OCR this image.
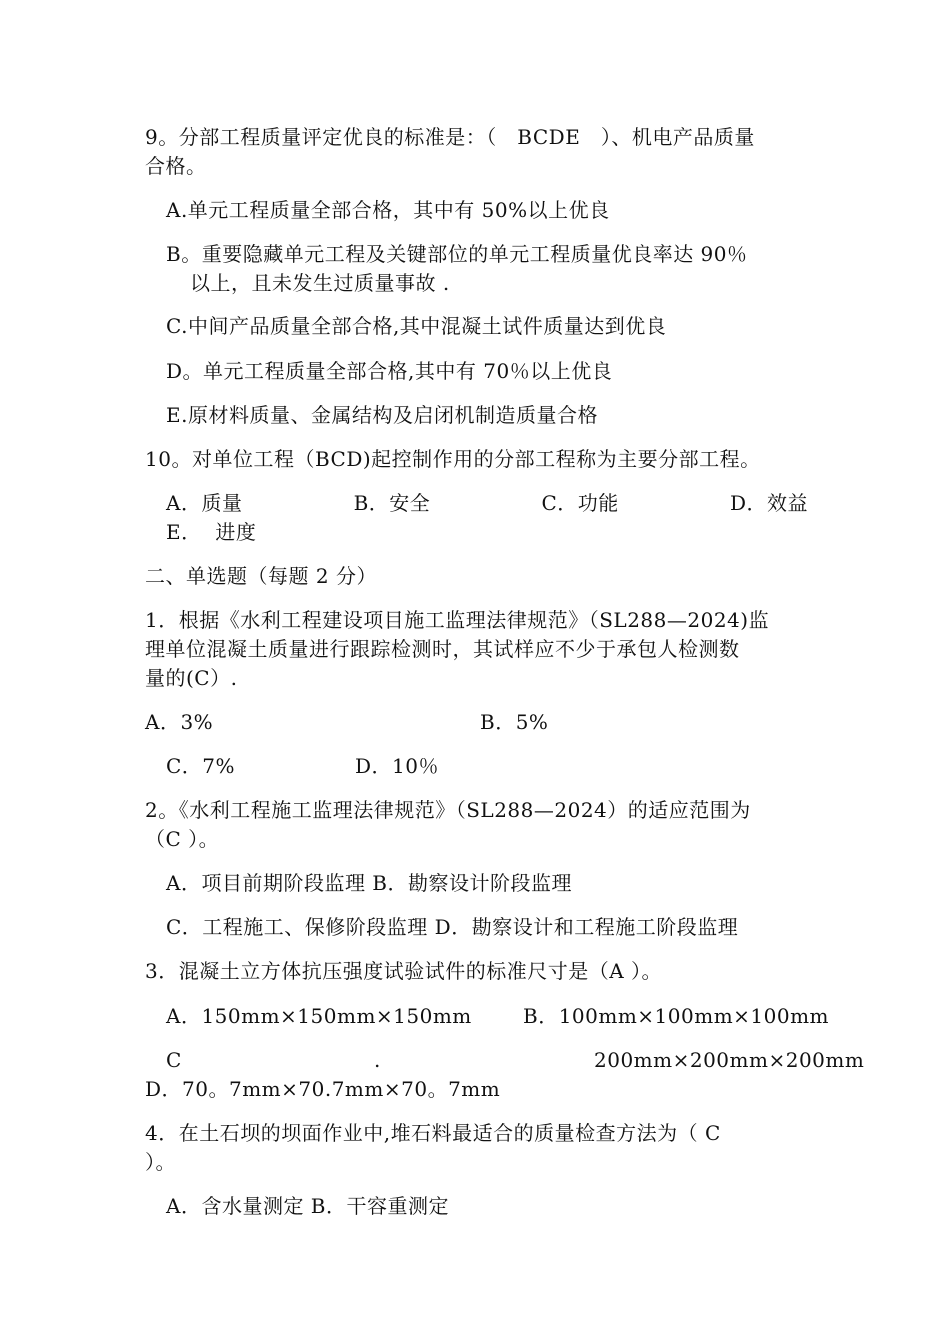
9。分部工程质量评定优良的标准是：（   BCDE   ）、机电产品质量
合格。
A.单元工程质量全部合格，其中有 50%以上优良
B。重要隐藏单元工程及关键部位的单元工程质量优良率达 90％
以上，且未发生过质量事故 .
C.中间产品质量全部合格,其中混凝土试件质量达到优良
D。单元工程质量全部合格,其中有 70％以上优良
E.原材料质量、金属结构及启闭机制造质量合格
10。对单位工程（BCD)起控制作用的分部工程称为主要分部工程。
A．质量	B．安全	C．功能	D．效益
E．  进度
二、单选题（每题 2 分）
1．根据《水利工程建设项目施工监理法律规范》（SL288—2024)监
理单位混凝土质量进行跟踪检测时，其试样应不少于承包人检测数
量的(C）.
A．3%	B．5%
C．7%	D．10％
2。《水利工程施工监理法律规范》（SL288—2024）的适应范围为
（C ）。
A．项目前期阶段监理 B．勘察设计阶段监理
C．工程施工、保修阶段监理 D．勘察设计和工程施工阶段监理
3．混凝土立方体抗压强度试验试件的标准尺寸是（A ）。
A．150mm×150mm×150mm	B．100mm×100mm×100mm
C	.	200mm×200mm×200mm
D．70。7mm×70.7mm×70。7mm
4．在土石坝的坝面作业中,堆石料最适合的质量检查方法为（ C
）。
A．含水量测定 B．干容重测定
